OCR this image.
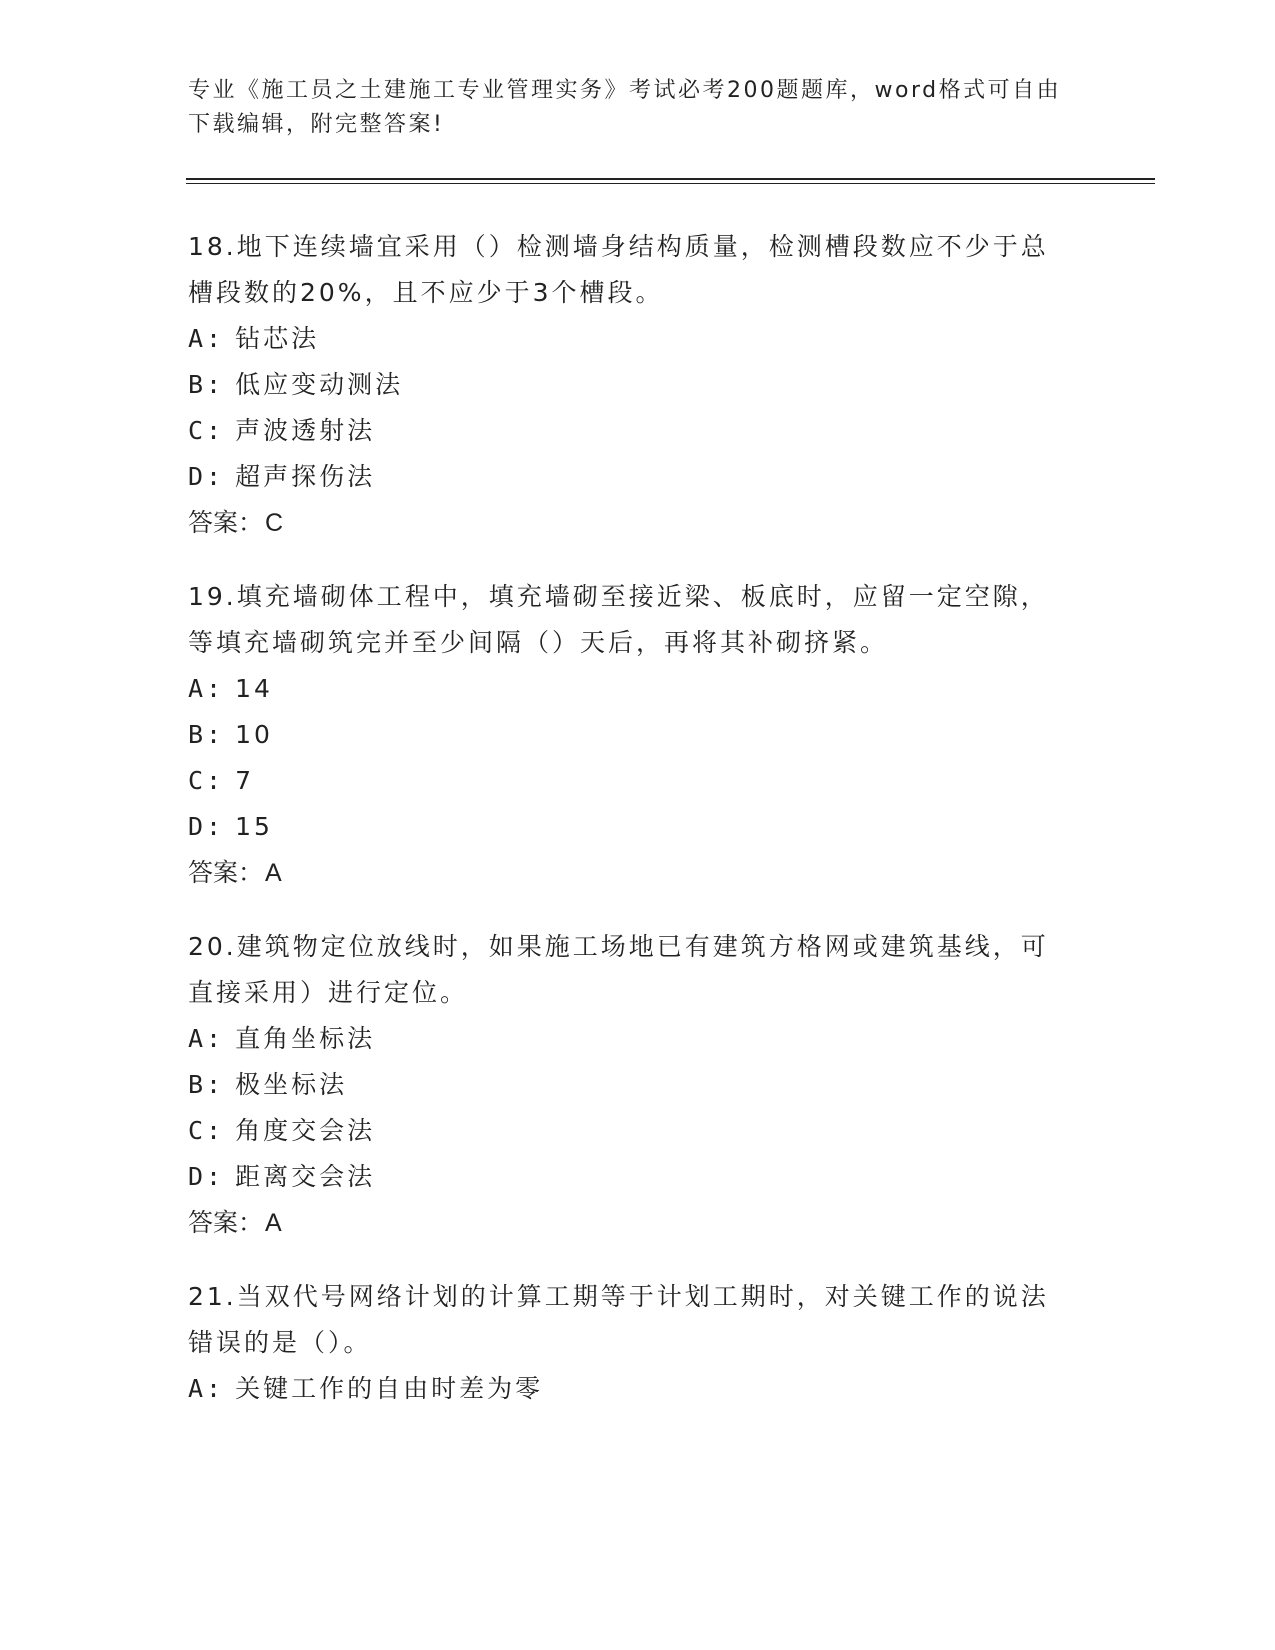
专业《施工员之土建施工专业管理实务》考试必考200题题库，word格式可自由
下载编辑，附完整答案!
18.地下连续墙宜采用（）检测墙身结构质量，检测槽段数应不少于总
槽段数的20%，且不应少于3个槽段。
A: 钻芯法
B: 低应变动测法
C: 声波透射法
D: 超声探伤法
答案：C
19.填充墙砌体工程中，填充墙砌至接近梁、板底时，应留一定空隙，
等填充墙砌筑完并至少间隔（）天后，再将其补砌挤紧。
A: 14
B: 10
C: 7
D: 15
答案：A
20.建筑物定位放线时，如果施工场地已有建筑方格网或建筑基线，可
直接采用）进行定位。
A: 直角坐标法
B: 极坐标法
C: 角度交会法
D: 距离交会法
答案：A
21.当双代号网络计划的计算工期等于计划工期时，对关键工作的说法
错误的是（）。
A: 关键工作的自由时差为零
